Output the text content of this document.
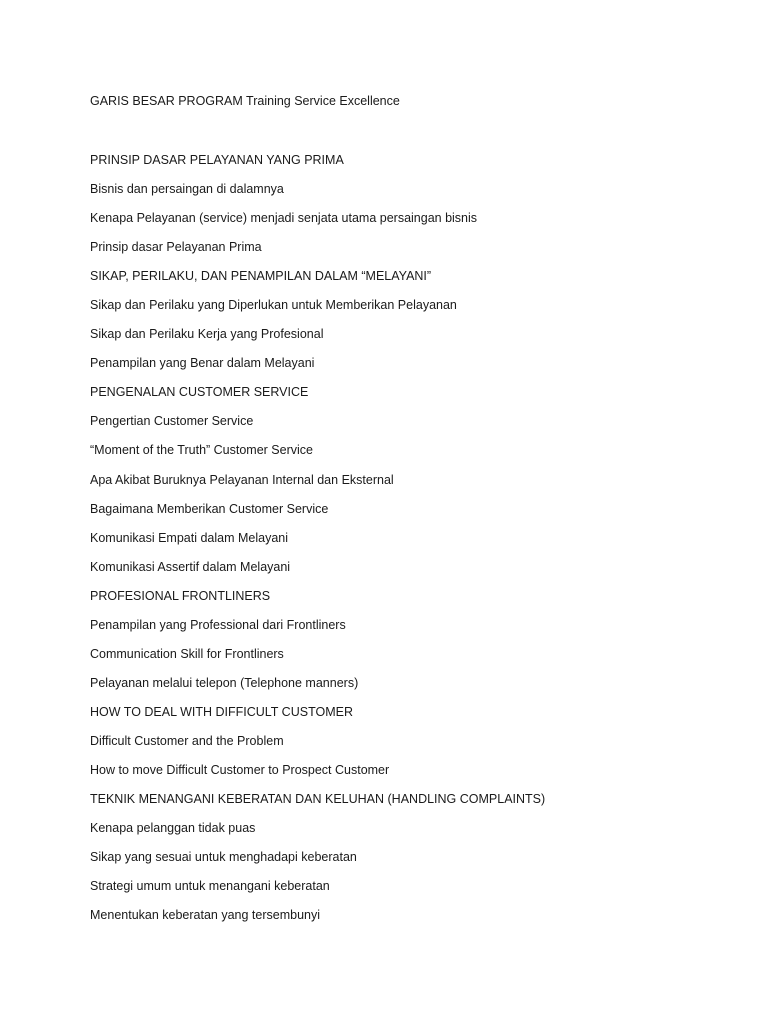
GARIS BESAR PROGRAM Training Service Excellence
PRINSIP DASAR PELAYANAN YANG PRIMA
Bisnis dan persaingan di dalamnya
Kenapa Pelayanan (service) menjadi senjata utama persaingan bisnis
Prinsip dasar Pelayanan Prima
SIKAP, PERILAKU, DAN PENAMPILAN DALAM “MELAYANI”
Sikap dan Perilaku yang Diperlukan untuk Memberikan Pelayanan
Sikap dan Perilaku Kerja yang Profesional
Penampilan yang Benar dalam Melayani
PENGENALAN CUSTOMER SERVICE
Pengertian Customer Service
“Moment of the Truth” Customer Service
Apa Akibat Buruknya Pelayanan Internal dan Eksternal
Bagaimana Memberikan Customer Service
Komunikasi Empati dalam Melayani
Komunikasi Assertif dalam Melayani
PROFESIONAL FRONTLINERS
Penampilan yang Professional dari Frontliners
Communication Skill for Frontliners
Pelayanan melalui telepon (Telephone manners)
HOW TO DEAL WITH DIFFICULT CUSTOMER
Difficult Customer and the Problem
How to move Difficult Customer to Prospect Customer
TEKNIK MENANGANI KEBERATAN DAN KELUHAN (HANDLING COMPLAINTS)
Kenapa pelanggan tidak puas
Sikap yang sesuai untuk menghadapi keberatan
Strategi umum untuk menangani keberatan
Menentukan keberatan yang tersembunyi
